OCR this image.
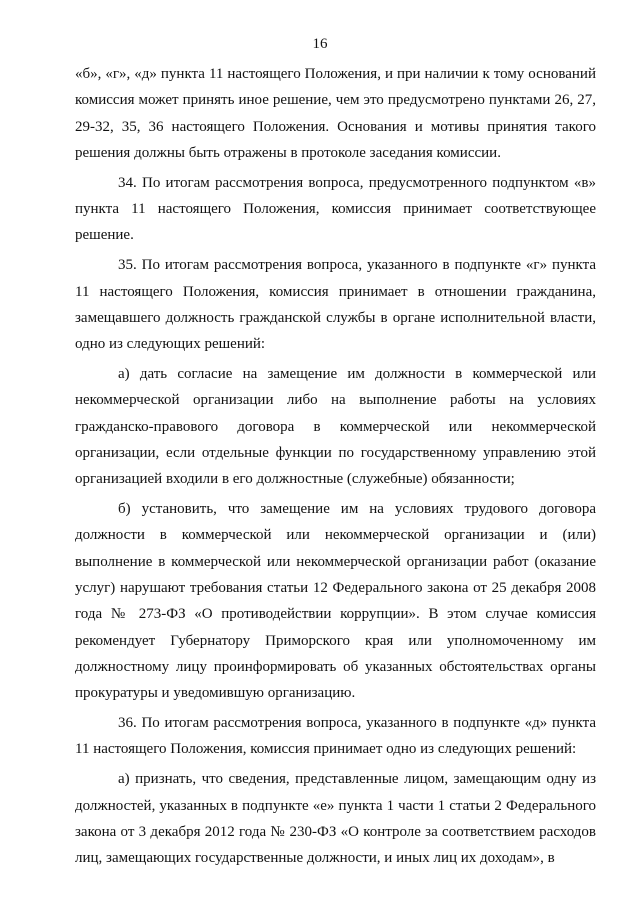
16

«б», «г», «д» пункта 11 настоящего Положения, и при наличии к тому оснований комиссия может принять иное решение, чем это предусмотрено пунктами 26, 27, 29-32, 35, 36 настоящего Положения. Основания и мотивы принятия такого решения должны быть отражены в протоколе заседания комиссии.

34. По итогам рассмотрения вопроса, предусмотренного подпунктом «в» пункта 11 настоящего Положения, комиссия принимает соответствующее решение.

35. По итогам рассмотрения вопроса, указанного в подпункте «г» пункта 11 настоящего Положения, комиссия принимает в отношении гражданина, замещавшего должность гражданской службы в органе исполнительной власти, одно из следующих решений:

а) дать согласие на замещение им должности в коммерческой или некоммерческой организации либо на выполнение работы на условиях гражданско-правового договора в коммерческой или некоммерческой организации, если отдельные функции по государственному управлению этой организацией входили в его должностные (служебные) обязанности;

б) установить, что замещение им на условиях трудового договора должности в коммерческой или некоммерческой организации и (или) выполнение в коммерческой или некоммерческой организации работ (оказание услуг) нарушают требования статьи 12 Федерального закона от 25 декабря 2008 года № 273-ФЗ «О противодействии коррупции». В этом случае комиссия рекомендует Губернатору Приморского края или уполномоченному им должностному лицу проинформировать об указанных обстоятельствах органы прокуратуры и уведомившую организацию.

36. По итогам рассмотрения вопроса, указанного в подпункте «д» пункта 11 настоящего Положения, комиссия принимает одно из следующих решений:

а) признать, что сведения, представленные лицом, замещающим одну из должностей, указанных в подпункте «е» пункта 1 части 1 статьи 2 Федерального закона от 3 декабря 2012 года № 230-ФЗ «О контроле за соответствием расходов лиц, замещающих государственные должности, и иных лиц их доходам», в
